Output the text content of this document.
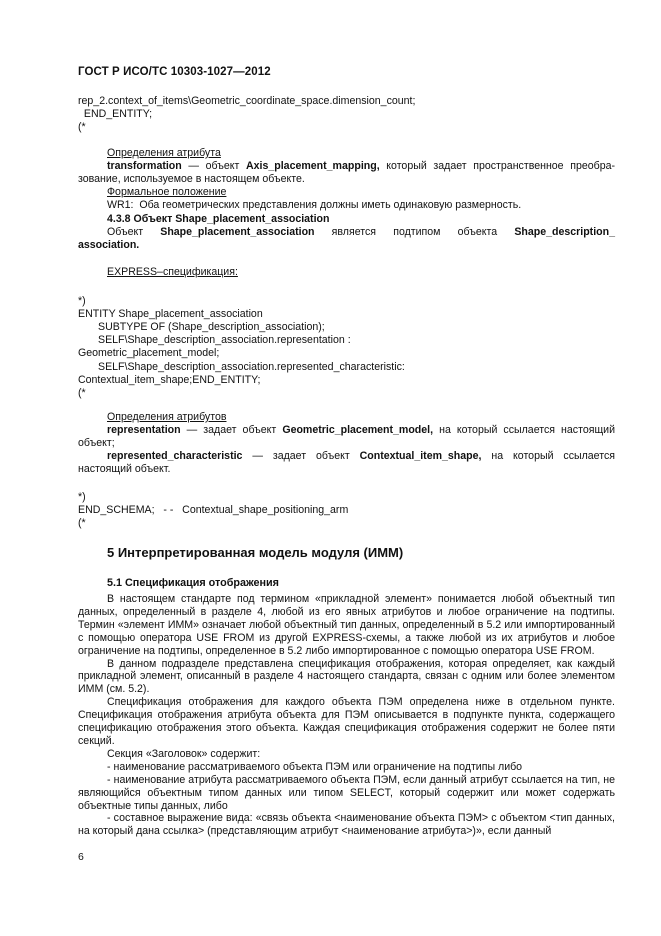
ГОСТ Р ИСО/ТС 10303-1027—2012
rep_2.context_of_items\Geometric_coordinate_space.dimension_count;
END_ENTITY;
(*
Определения атрибута
transformation — объект Axis_placement_mapping, который задает пространственное преобра-
зование, используемое в настоящем объекте.
Формальное положение
WR1:  Оба геометрических представления должны иметь одинаковую размерность.
4.3.8 Объект Shape_placement_association
Объект Shape_placement_association является подтипом объекта Shape_description_
association.
EXPRESS–спецификация:
*)
ENTITY Shape_placement_association
SUBTYPE OF (Shape_description_association);
SELF\Shape_description_association.representation :
Geometric_placement_model;
SELF\Shape_description_association.represented_characteristic:
Contextual_item_shape;END_ENTITY;
(*
Определения атрибутов
representation — задает объект Geometric_placement_model, на который ссылается настоящий
объект;
represented_characteristic — задает объект Contextual_item_shape, на который ссылается
настоящий объект.
*)
END_SCHEMA;   - -   Contextual_shape_positioning_arm
(*
5 Интерпретированная модель модуля (ИММ)
5.1 Спецификация отображения
В настоящем стандарте под термином «прикладной элемент» понимается любой объектный тип данных, определенный в разделе 4, любой из его явных атрибутов и любое ограничение на подтипы. Термин «элемент ИММ» означает любой объектный тип данных, определенный в 5.2 или импортированный с помощью оператора USE FROM из другой EXPRESS-схемы, а также любой из их атрибутов и любое ограничение на подтипы, определенное в 5.2 либо импортированное с помощью оператора USE FROM.
В данном подразделе представлена спецификация отображения, которая определяет, как каждый прикладной элемент, описанный в разделе 4 настоящего стандарта, связан с одним или более элементом ИММ (см. 5.2).
Спецификация отображения для каждого объекта ПЭМ определена ниже в отдельном пункте. Спецификация отображения атрибута объекта для ПЭМ описывается в подпункте пункта, содержащего спецификацию отображения этого объекта. Каждая спецификация отображения содержит не более пяти секций.
Секция «Заголовок» содержит:
- наименование рассматриваемого объекта ПЭМ или ограничение на подтипы либо
- наименование атрибута рассматриваемого объекта ПЭМ, если данный атрибут ссылается на тип, не являющийся объектным типом данных или типом SELECT, который содержит или может содержать объектные типы данных, либо
- составное выражение вида: «связь объекта <наименование объекта ПЭМ> с объектом <тип данных, на который дана ссылка> (представляющим атрибут <наименование атрибута>)», если данный
6
